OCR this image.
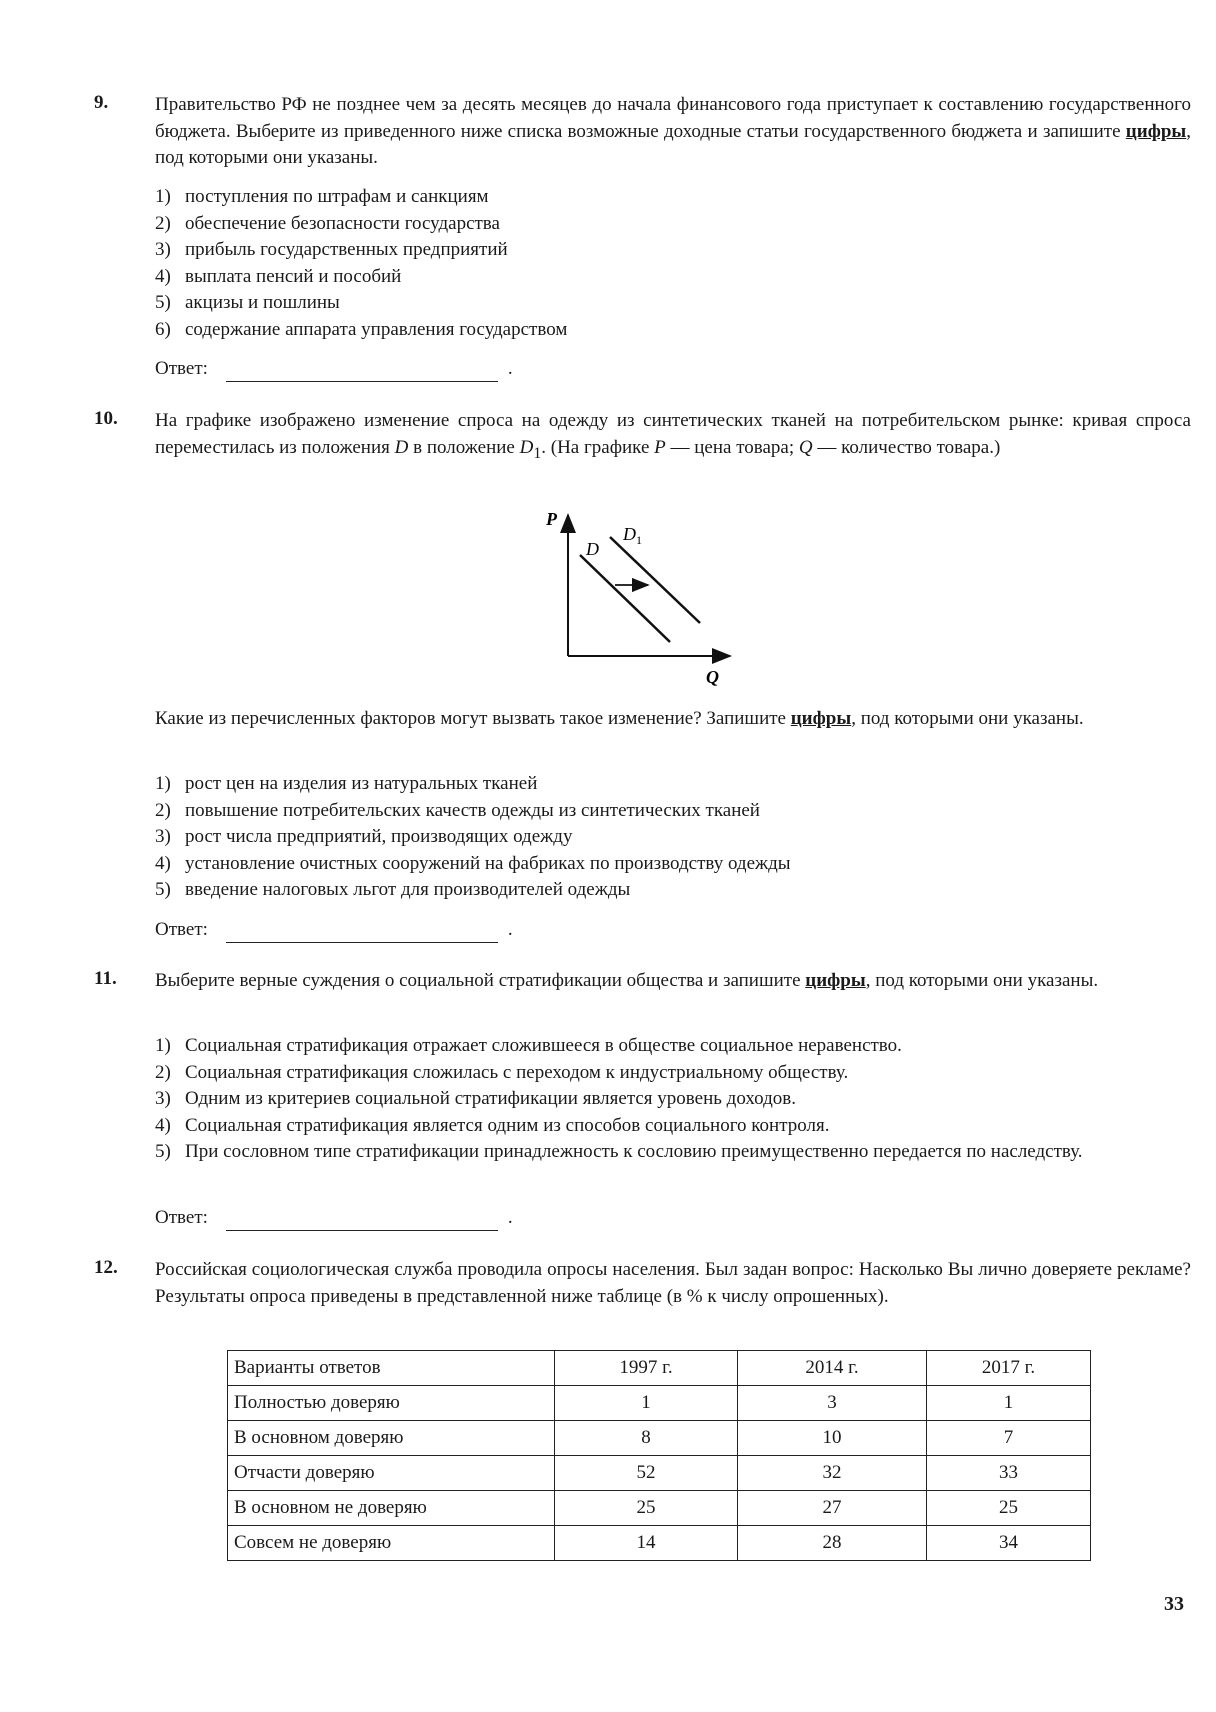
9. Правительство РФ не позднее чем за десять месяцев до начала финансового года приступает к составлению государственного бюджета. Выберите из приведенного ниже списка возможные доходные статьи государственного бюджета и запишите цифры, под которыми они указаны.
1) поступления по штрафам и санкциям
2) обеспечение безопасности государства
3) прибыль государственных предприятий
4) выплата пенсий и пособий
5) акцизы и пошлины
6) содержание аппарата управления государством
Ответ:	.
10. На графике изображено изменение спроса на одежду из синтетических тканей на потребительском рынке: кривая спроса переместилась из положения D в положение $D_1$. (На графике P — цена товара; Q — количество товара.)
P
Q
D
D 1
Какие из перечисленных факторов могут вызвать такое изменение? Запишите цифры, под которыми они указаны.
1) рост цен на изделия из натуральных тканей
2) повышение потребительских качеств одежды из синтетических тканей
3) рост числа предприятий, производящих одежду
4) установление очистных сооружений на фабриках по производству одежды
5) введение налоговых льгот для производителей одежды
Ответ:	.
11. Выберите верные суждения о социальной стратификации общества и запишите цифры, под которыми они указаны.
1) Социальная стратификация отражает сложившееся в обществе социальное неравенство.
2) Социальная стратификация сложилась с переходом к индустриальному обществу.
3) Одним из критериев социальной стратификации является уровень доходов.
4) Социальная стратификация является одним из способов социального контроля.
5) При сословном типе стратификации принадлежность к сословию преимущественно передается по наследству.
Ответ:	.
12. Российская социологическая служба проводила опросы населения. Был задан вопрос: Насколько Вы лично доверяете рекламе? Результаты опроса приведены в представленной ниже таблице (в % к числу опрошенных).
Варианты ответов	1997 г.	2014 г.	2017 г.
Полностью доверяю	1	3	1
В основном доверяю	8	10	7
Отчасти доверяю	52	32	33
В основном не доверяю	25	27	25
Совсем не доверяю	14	28	34
33
